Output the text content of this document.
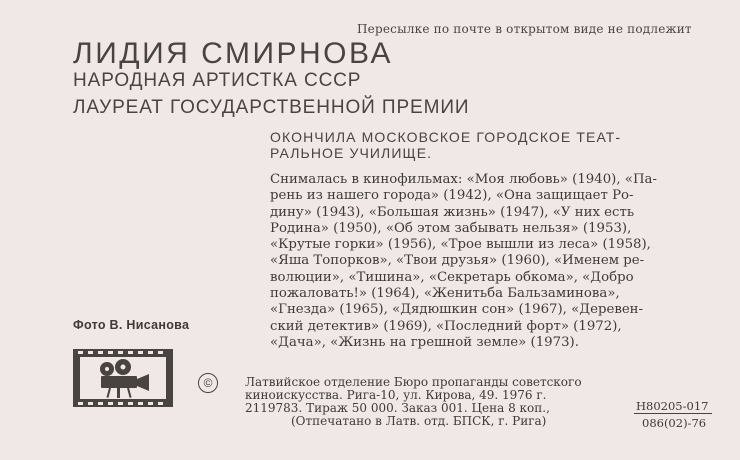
Пересылке по почте в открытом виде не подлежит
ЛИДИЯ СМИРНОВА
НАРОДНАЯ АРТИСТКА СССР
ЛАУРЕАТ ГОСУДАРСТВЕННОЙ ПРЕМИИ
ОКОНЧИЛА МОСКОВСКОЕ ГОРОДСКОЕ ТЕАТ-
РАЛЬНОЕ УЧИЛИЩЕ.
Снималась в кинофильмах: «Моя любовь» (1940), «Па-
рень из нашего города» (1942), «Она защищает Ро-
дину» (1943), «Большая жизнь» (1947), «У них есть
Родина» (1950), «Об этом забывать нельзя» (1953),
«Крутые горки» (1956), «Трое вышли из леса» (1958),
«Яша Топорков», «Твои друзья» (1960), «Именем ре-
волюции», «Тишина», «Секретарь обкома», «Добро
пожаловать!» (1964), «Женитьба Бальзаминова»,
«Гнезда» (1965), «Дядюшкин сон» (1967), «Деревен-
ский детектив» (1969), «Последний форт» (1972),
«Дача», «Жизнь на грешной земле» (1973).
Фото В. Нисанова
©	Латвийское отделение Бюро пропаганды советского
киноискусства. Рига-10, ул. Кирова, 49. 1976 г.
2119783. Тираж 50 000. Заказ 001. Цена 8 коп.,
(Отпечатано в Латв. отд. БПСК, г. Рига)
H80205-017
086(02)-76
